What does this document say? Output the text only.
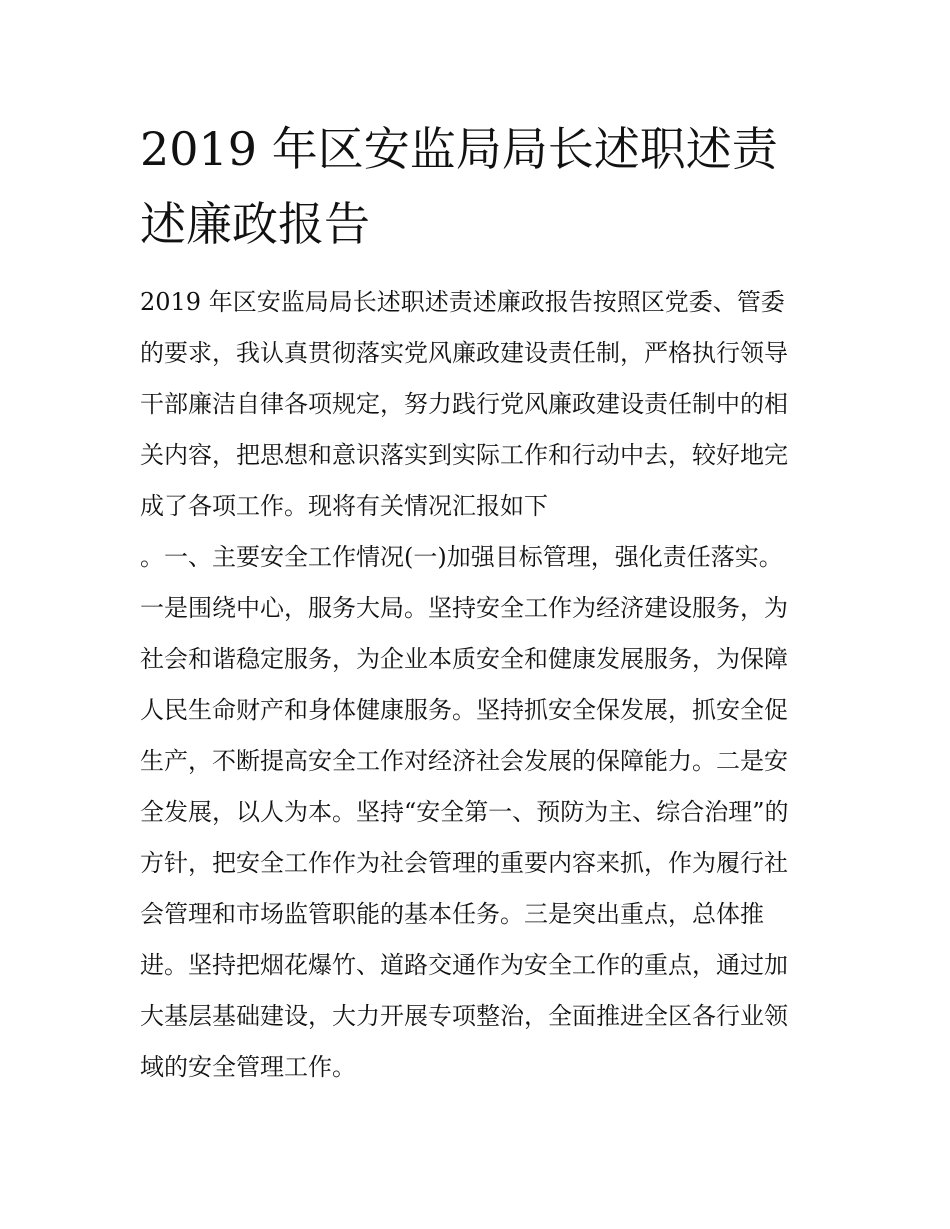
2019 年区安监局局长述职述责
述廉政报告
2019 年区安监局局长述职述责述廉政报告按照区党委、管委
的要求，我认真贯彻落实党风廉政建设责任制，严格执行领导
干部廉洁自律各项规定，努力践行党风廉政建设责任制中的相
关内容，把思想和意识落实到实际工作和行动中去，较好地完
成了各项工作。现将有关情况汇报如下
。一、主要安全工作情况(一)加强目标管理，强化责任落实。
一是围绕中心，服务大局。坚持安全工作为经济建设服务，为
社会和谐稳定服务，为企业本质安全和健康发展服务，为保障
人民生命财产和身体健康服务。坚持抓安全保发展，抓安全促
生产，不断提高安全工作对经济社会发展的保障能力。二是安
全发展，以人为本。坚持“安全第一、预防为主、综合治理”的
方针，把安全工作作为社会管理的重要内容来抓，作为履行社
会管理和市场监管职能的基本任务。三是突出重点，总体推
进。坚持把烟花爆竹、道路交通作为安全工作的重点，通过加
大基层基础建设，大力开展专项整治，全面推进全区各行业领
域的安全管理工作。
